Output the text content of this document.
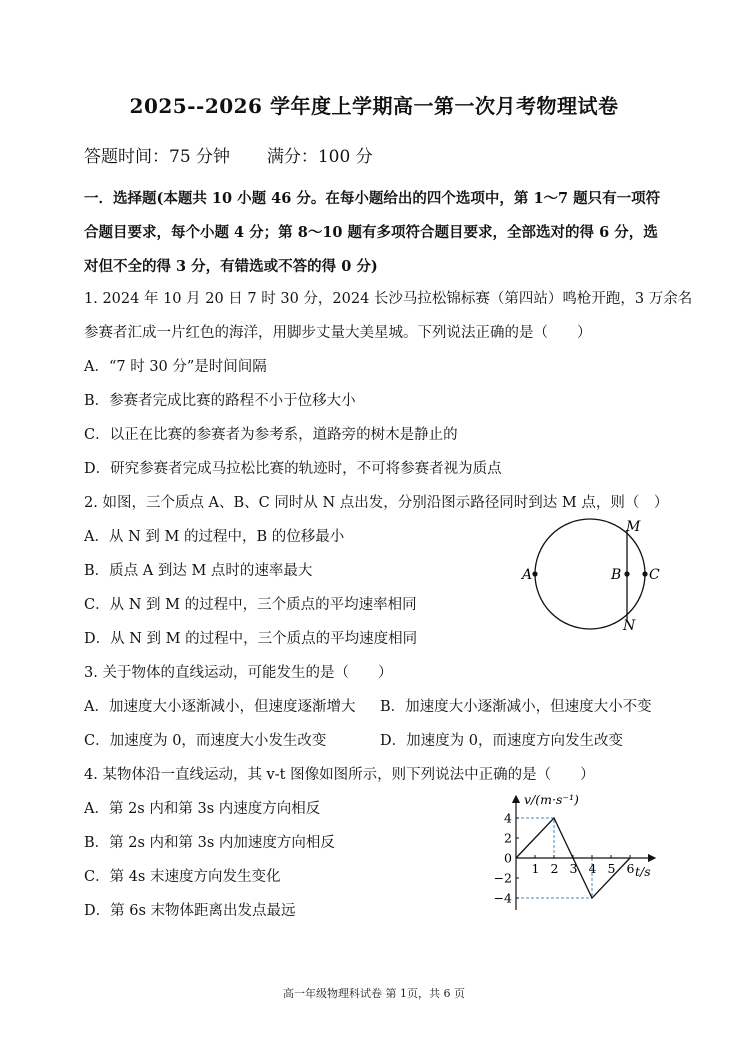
2025--2026 学年度上学期高一第一次月考物理试卷
答题时间：75 分钟 满分：100 分
一．选择题(本题共 10 小题 46 分。在每小题给出的四个选项中，第 1～7 题只有一项符
合题目要求，每个小题 4 分；第 8～10 题有多项符合题目要求，全部选对的得 6 分，选
对但不全的得 3 分，有错选或不答的得 0 分)
1. 2024 年 10 月 20 日 7 时 30 分，2024 长沙马拉松锦标赛（第四站）鸣枪开跑，3 万余名
参赛者汇成一片红色的海洋，用脚步丈量大美星城。下列说法正确的是（　　）
A．“7 时 30 分”是时间间隔
B．参赛者完成比赛的路程不小于位移大小
C．以正在比赛的参赛者为参考系，道路旁的树木是静止的
D．研究参赛者完成马拉松比赛的轨迹时，不可将参赛者视为质点
2. 如图，三个质点 A、B、C 同时从 N 点出发，分别沿图示路径同时到达 M 点，则（　）
A．从 N 到 M 的过程中，B 的位移最小
B．质点 A 到达 M 点时的速率最大
C．从 N 到 M 的过程中，三个质点的平均速率相同
D．从 N 到 M 的过程中，三个质点的平均速度相同
M
N
A	B C
3. 关于物体的直线运动，可能发生的是（　　）
A．加速度大小逐渐减小，但速度逐渐增大 B．加速度大小逐渐减小，但速度大小不变
C．加速度为 0，而速度大小发生改变	D．加速度为 0，而速度方向发生改变
4. 某物体沿一直线运动，其 v-t 图像如图所示，则下列说法中正确的是（　　）
A．第 2s 内和第 3s 内速度方向相反
B．第 2s 内和第 3s 内加速度方向相反
C．第 4s 末速度方向发生变化
D．第 6s 末物体距离出发点最远
1 2 3 4 5 6
4
2
0
−2
−4
v/(m·s⁻¹)
t/s
高一年级物理科试卷 第 1页，共 6 页
